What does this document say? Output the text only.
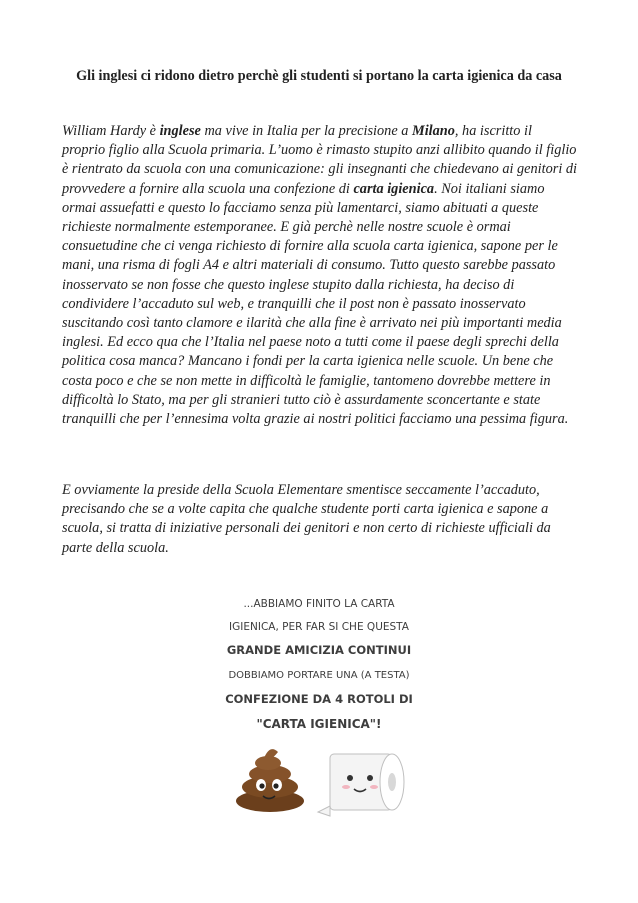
Gli inglesi ci ridono dietro perchè gli studenti si portano la carta igienica da casa
William Hardy è inglese ma vive in Italia per la precisione a Milano, ha iscritto il proprio figlio alla Scuola primaria. L’uomo è rimasto stupito anzi allibito quando il figlio è rientrato da scuola con una comunicazione: gli insegnanti che chiedevano ai genitori di provvedere a fornire alla scuola una confezione di carta igienica. Noi italiani siamo ormai assuefatti e questo lo facciamo senza più lamentarci, siamo abituati a queste richieste normalmente estemporanee. E già perchè nelle nostre scuole è ormai consuetudine che ci venga richiesto di fornire alla scuola carta igienica, sapone per le mani, una risma di fogli A4 e altri materiali di consumo. Tutto questo sarebbe passato inosservato se non fosse che questo inglese stupito dalla richiesta, ha deciso di condividere l’accaduto sul web, e tranquilli che il post non è passato inosservato suscitando così tanto clamore e ilarità che alla fine è arrivato nei più importanti media inglesi. Ed ecco qua che l’Italia nel paese noto a tutti come il paese degli sprechi della politica cosa manca? Mancano i fondi per la carta igienica nelle scuole. Un bene che costa poco e che se non mette in difficoltà le famiglie, tantomeno dovrebbe mettere in difficoltà lo Stato, ma per gli stranieri tutto ciò è assurdamente sconcertante e state tranquilli che per l’ennesima volta grazie ai nostri politici facciamo una pessima figura.
E ovviamente la preside della Scuola Elementare smentisce seccamente l’accaduto, precisando che se a volte capita che qualche studente porti carta igienica e sapone a scuola, si tratta di iniziative personali dei genitori e non certo di richieste ufficiali da parte della scuola.
...ABBIAMO FINITO LA CARTA
IGIENICA, PER FAR SI CHE QUESTA
GRANDE AMICIZIA CONTINUI
DOBBIAMO PORTARE UNA (A TESTA)
CONFEZIONE DA 4 ROTOLI DI
"CARTA IGIENICA"!
